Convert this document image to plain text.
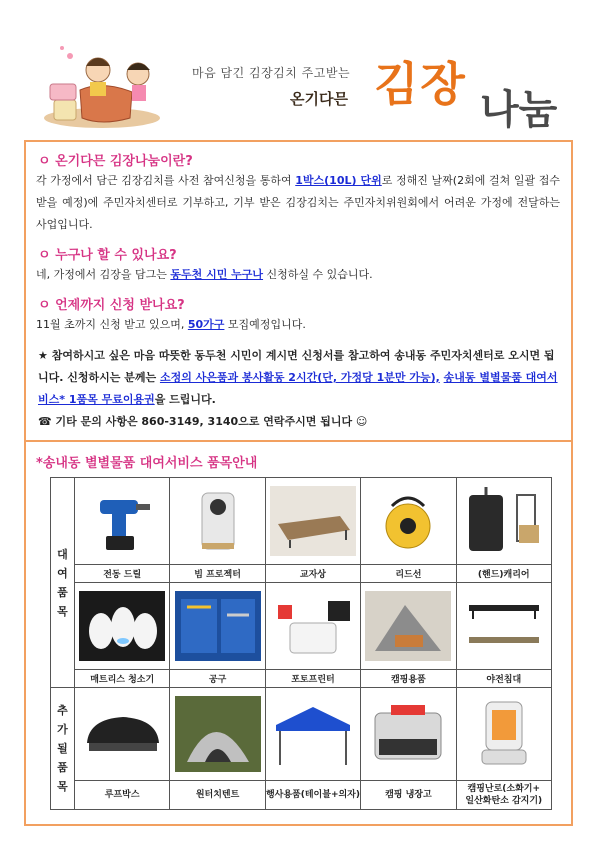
마음 담긴 김장김치 주고받는
온기다믄 김장 나눔
ㅇ 온기다믄 김장나눔이란?
각 가정에서 담근 김장김치를 사전 참여신청을 통하여 1박스(10L) 단위로 정해진 날짜(2회에 걸쳐 일괄 접수 받을 예정)에 주민자치센터로 기부하고, 기부 받은 김장김치는 주민자치위원회에서 어려운 가정에 전달하는 사업입니다.
ㅇ 누구나 할 수 있나요?
네, 가정에서 김장을 담그는 동두천 시민 누구나 신청하실 수 있습니다.
ㅇ 언제까지 신청 받나요?
11월 초까지 신청 받고 있으며, 50가구 모집예정입니다.
★ 참여하시고 싶은 마음 따뜻한 동두천 시민이 계시면 신청서를 참고하여 송내동 주민자치센터로 오시면 됩니다. 신청하시는 분께는 소정의 사은품과 봉사활동 2시간(단, 가정당 1분만 가능), 송내동 별별물품 대여서비스* 1품목 무료이용권을 드립니다.
☎ 기타 문의 사항은 860-3149, 3140으로 연락주시면 됩니다 ☺
*송내동 별별물품 대여서비스 품목안내
대
여
품
목

	전동 드릴	빔 프로젝터	교자상	리드선	(핸드)캐리어

	매트리스 청소기	공구	포토프린터	캠핑용품	야전침대

추
가
될
품
목

	루프박스	원터치텐트	행사용품(테이블+의자)	캠핑 냉장고	캠핑난로(소화기+
일산화탄소 감지기)
